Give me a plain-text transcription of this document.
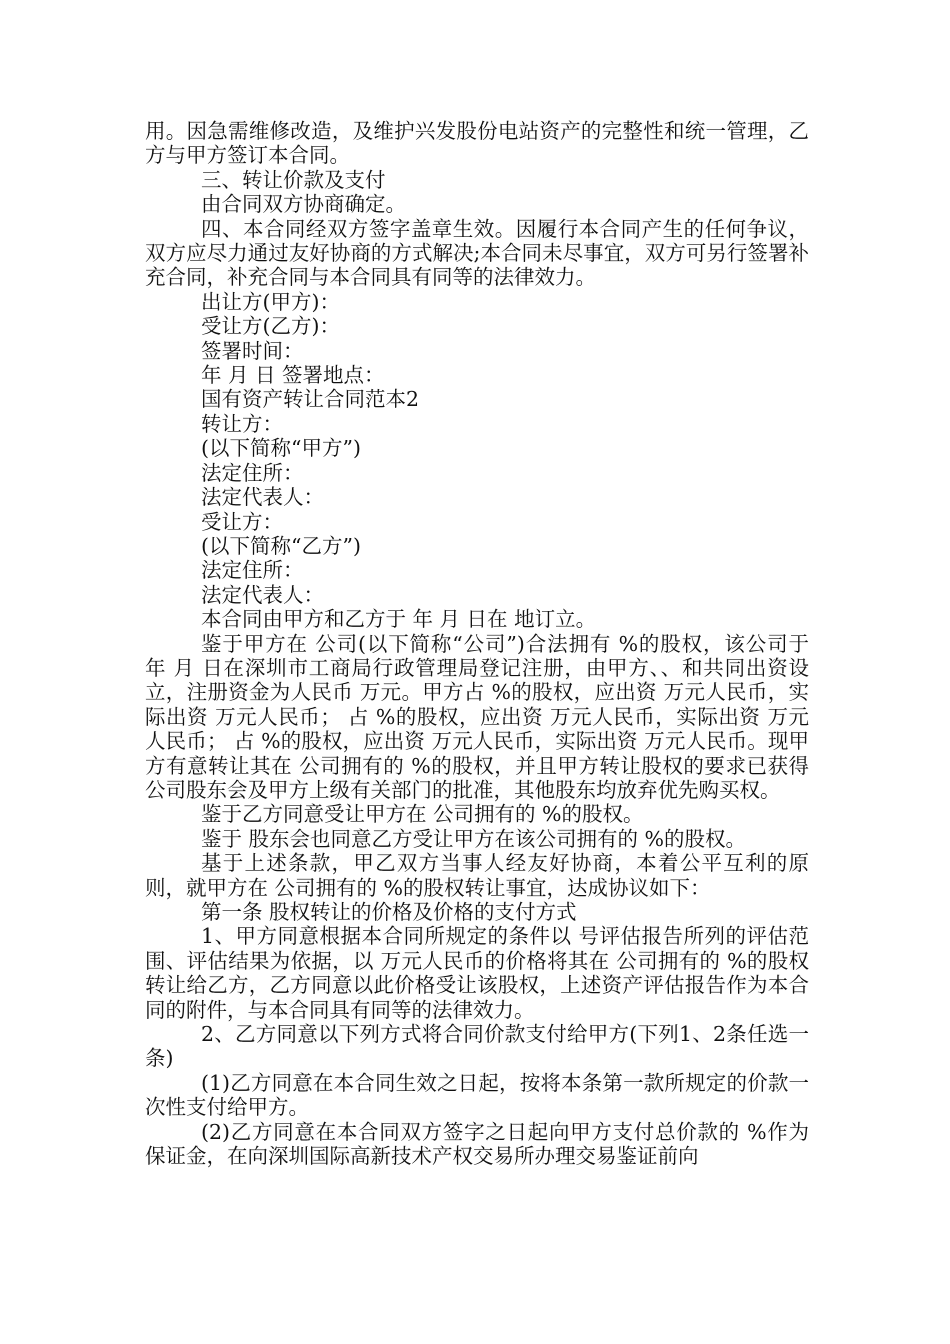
用。因急需维修改造，及维护兴发股份电站资产的完整性和统一管理，乙方与甲方签订本合同。

三、转让价款及支付

由合同双方协商确定。

四、本合同经双方签字盖章生效。因履行本合同产生的任何争议，双方应尽力通过友好协商的方式解决;本合同未尽事宜，双方可另行签署补充合同，补充合同与本合同具有同等的法律效力。

出让方(甲方)：

受让方(乙方)：

签署时间：

年 月 日 签署地点：

国有资产转让合同范本2

转让方：

(以下简称“甲方”)

法定住所：

法定代表人：

受让方：

(以下简称“乙方”)

法定住所：

法定代表人：

本合同由甲方和乙方于 年 月 日在 地订立。

鉴于甲方在 公司(以下简称“公司”)合法拥有 %的股权，该公司于 年 月 日在深圳市工商局行政管理局登记注册，由甲方、、和共同出资设立，注册资金为人民币 万元。甲方占 %的股权，应出资 万元人民币，实际出资 万元人民币； 占 %的股权，应出资 万元人民币，实际出资 万元人民币； 占 %的股权，应出资 万元人民币，实际出资 万元人民币。现甲方有意转让其在 公司拥有的 %的股权，并且甲方转让股权的要求已获得公司股东会及甲方上级有关部门的批准，其他股东均放弃优先购买权。

鉴于乙方同意受让甲方在 公司拥有的 %的股权。

鉴于 股东会也同意乙方受让甲方在该公司拥有的 %的股权。

基于上述条款，甲乙双方当事人经友好协商，本着公平互利的原则，就甲方在 公司拥有的 %的股权转让事宜，达成协议如下：

第一条 股权转让的价格及价格的支付方式

1、甲方同意根据本合同所规定的条件以 号评估报告所列的评估范围、评估结果为依据，以 万元人民币的价格将其在 公司拥有的 %的股权转让给乙方，乙方同意以此价格受让该股权，上述资产评估报告作为本合同的附件，与本合同具有同等的法律效力。

2、乙方同意以下列方式将合同价款支付给甲方(下列1、2条任选一条)

(1)乙方同意在本合同生效之日起，按将本条第一款所规定的价款一次性支付给甲方。

(2)乙方同意在本合同双方签字之日起向甲方支付总价款的 %作为保证金，在向深圳国际高新技术产权交易所办理交易鉴证前向
